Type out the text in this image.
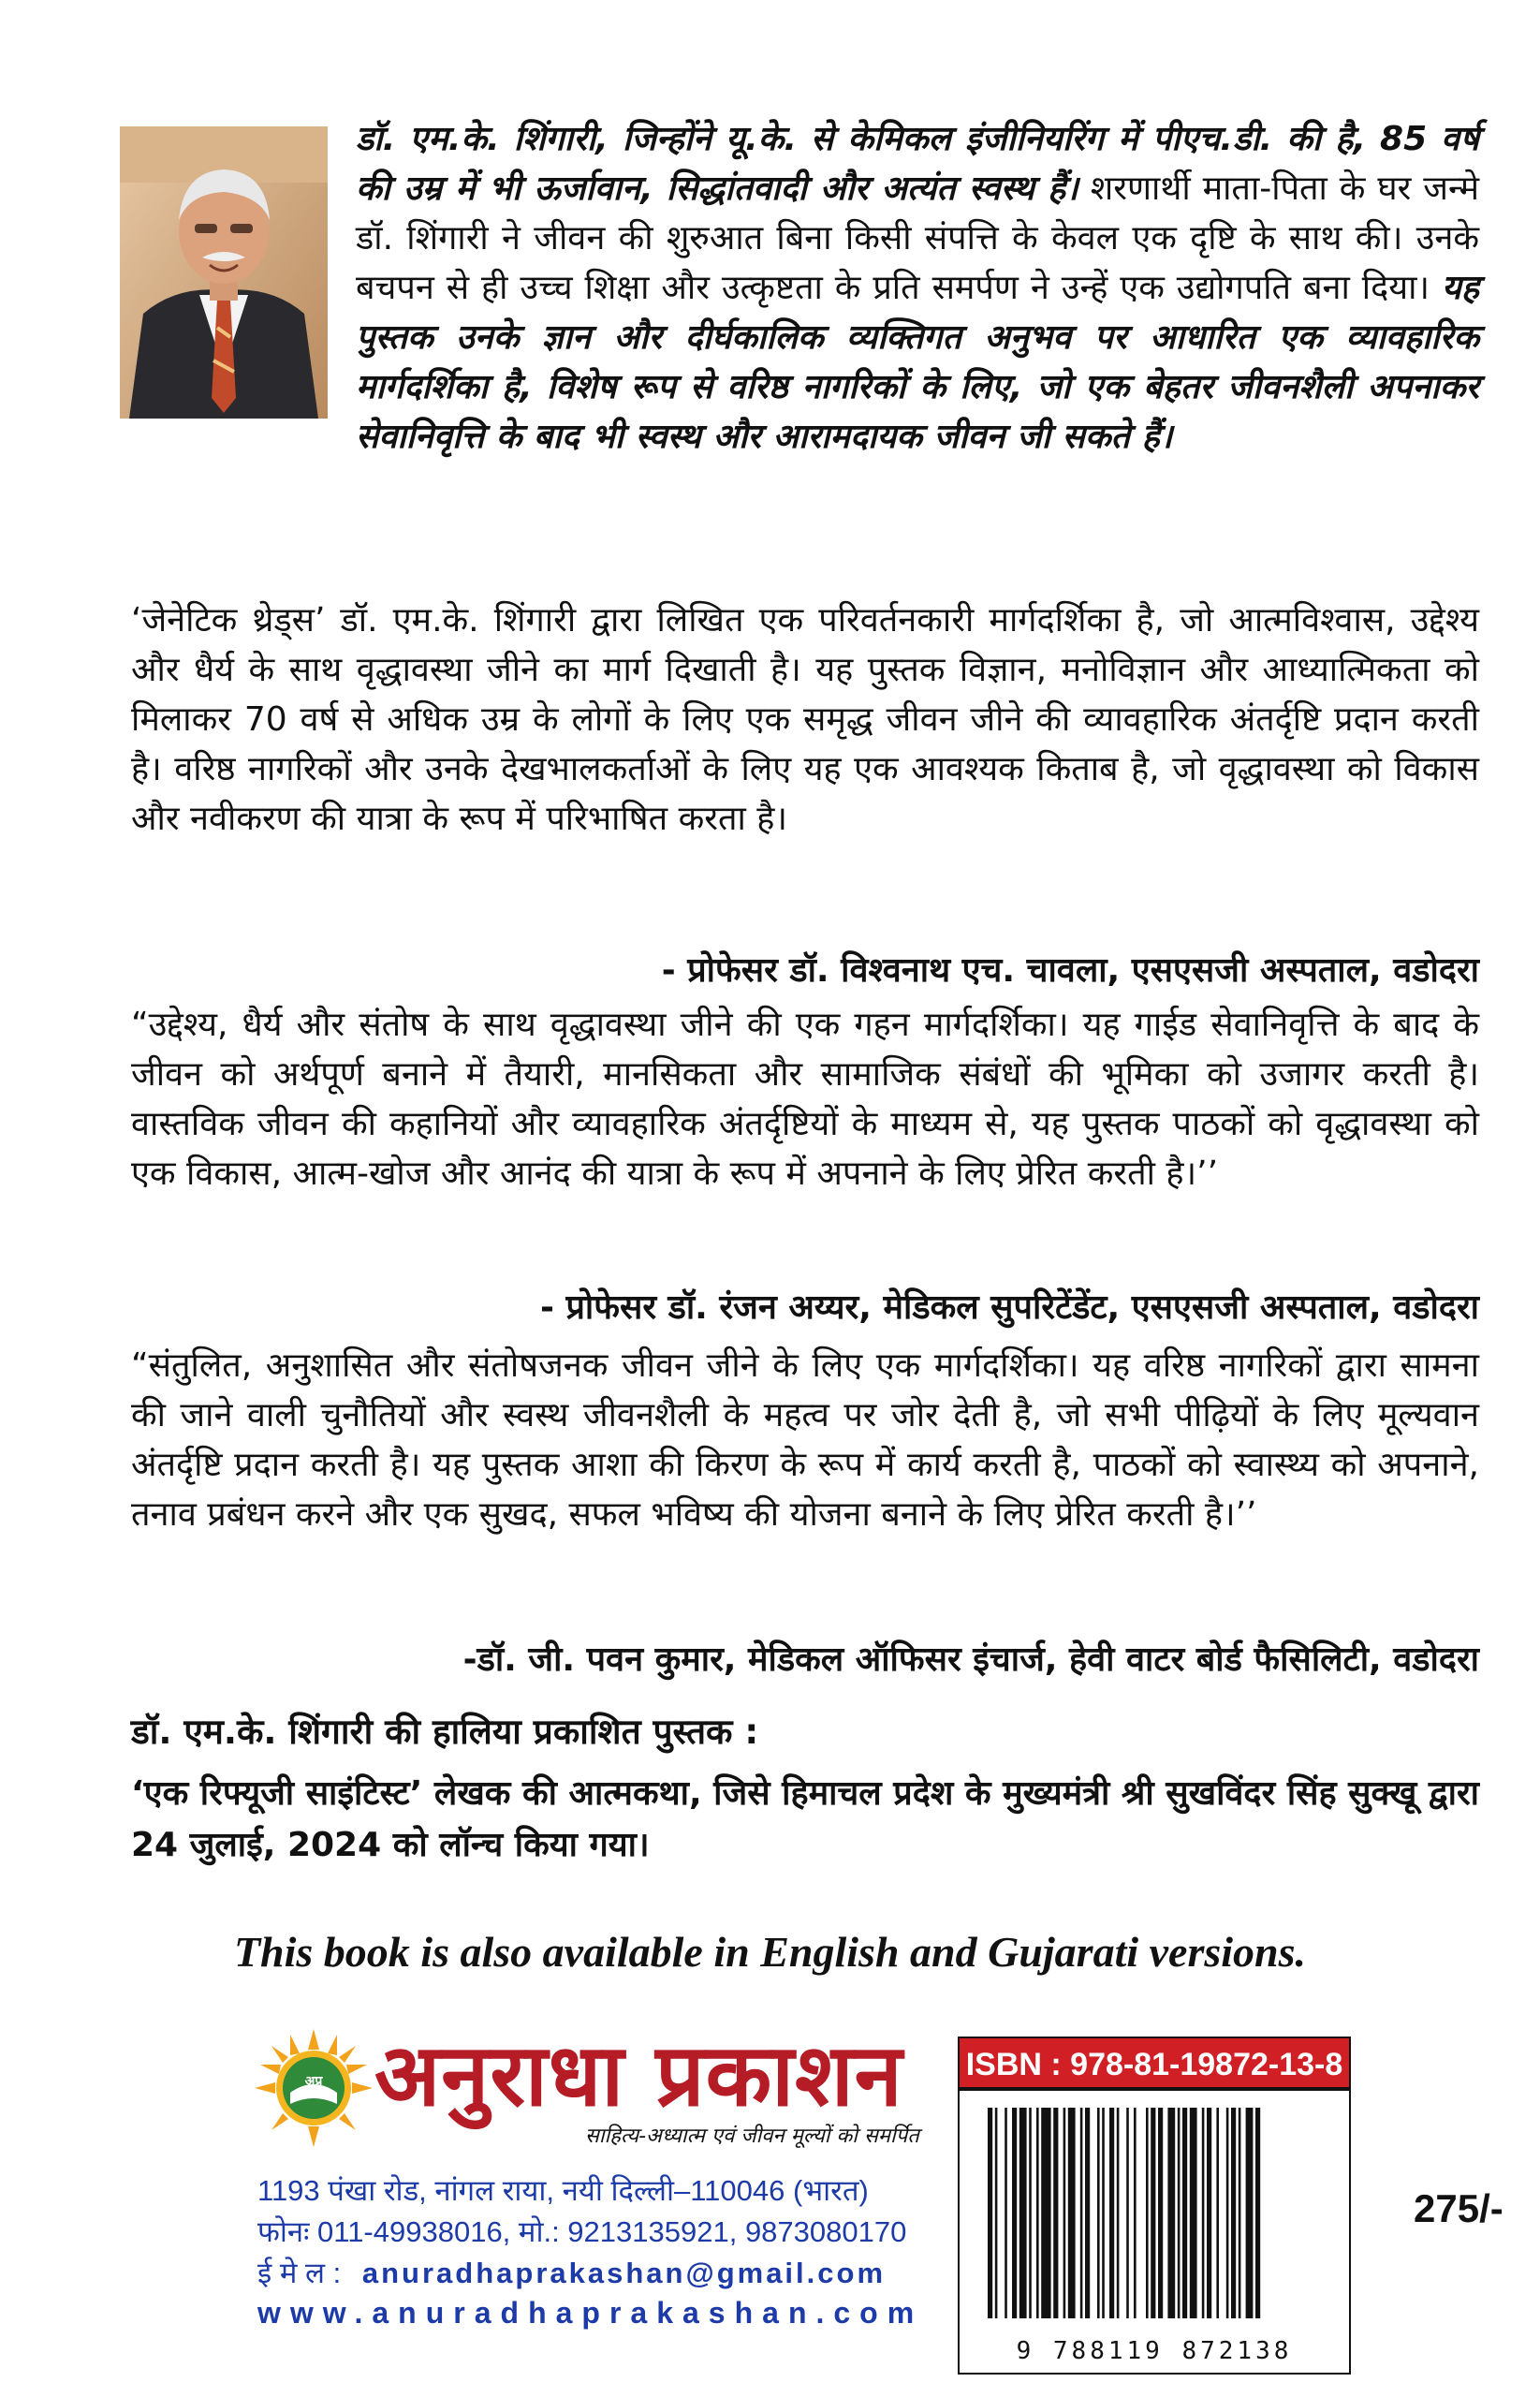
डॉ. एम.के. शिंगारी, जिन्होंने यू.के. से केमिकल इंजीनियरिंग में पीएच.डी. की है, 85 वर्ष की उम्र में भी ऊर्जावान, सिद्धांतवादी और अत्यंत स्वस्थ हैं। शरणार्थी माता-पिता के घर जन्मे डॉ. शिंगारी ने जीवन की शुरुआत बिना किसी संपत्ति के केवल एक दृष्टि के साथ की। उनके बचपन से ही उच्च शिक्षा और उत्कृष्टता के प्रति समर्पण ने उन्हें एक उद्योगपति बना दिया। यह पुस्तक उनके ज्ञान और दीर्घकालिक व्यक्तिगत अनुभव पर आधारित एक व्यावहारिक मार्गदर्शिका है, विशेष रूप से वरिष्ठ नागरिकों के लिए, जो एक बेहतर जीवनशैली अपनाकर सेवानिवृत्ति के बाद भी स्वस्थ और आरामदायक जीवन जी सकते हैं।

‘जेनेटिक थ्रेड्स’ डॉ. एम.के. शिंगारी द्वारा लिखित एक परिवर्तनकारी मार्गदर्शिका है, जो आत्मविश्वास, उद्देश्य और धैर्य के साथ वृद्धावस्था जीने का मार्ग दिखाती है। यह पुस्तक विज्ञान, मनोविज्ञान और आध्यात्मिकता को मिलाकर 70 वर्ष से अधिक उम्र के लोगों के लिए एक समृद्ध जीवन जीने की व्यावहारिक अंतर्दृष्टि प्रदान करती है। वरिष्ठ नागरिकों और उनके देखभालकर्ताओं के लिए यह एक आवश्यक किताब है, जो वृद्धावस्था को विकास और नवीकरण की यात्रा के रूप में परिभाषित करता है।

- प्रोफेसर डॉ. विश्वनाथ एच. चावला, एसएसजी अस्पताल, वडोदरा

“उद्देश्य, धैर्य और संतोष के साथ वृद्धावस्था जीने की एक गहन मार्गदर्शिका। यह गाईड सेवानिवृत्ति के बाद के जीवन को अर्थपूर्ण बनाने में तैयारी, मानसिकता और सामाजिक संबंधों की भूमिका को उजागर करती है। वास्तविक जीवन की कहानियों और व्यावहारिक अंतर्दृष्टियों के माध्यम से, यह पुस्तक पाठकों को वृद्धावस्था को एक विकास, आत्म-खोज और आनंद की यात्रा के रूप में अपनाने के लिए प्रेरित करती है।’’

- प्रोफेसर डॉ. रंजन अय्यर, मेडिकल सुपरिटेंडेंट, एसएसजी अस्पताल, वडोदरा

“संतुलित, अनुशासित और संतोषजनक जीवन जीने के लिए एक मार्गदर्शिका। यह वरिष्ठ नागरिकों द्वारा सामना की जाने वाली चुनौतियों और स्वस्थ जीवनशैली के महत्व पर जोर देती है, जो सभी पीढ़ियों के लिए मूल्यवान अंतर्दृष्टि प्रदान करती है। यह पुस्तक आशा की किरण के रूप में कार्य करती है, पाठकों को स्वास्थ्य को अपनाने, तनाव प्रबंधन करने और एक सुखद, सफल भविष्य की योजना बनाने के लिए प्रेरित करती है।’’

-डॉ. जी. पवन कुमार, मेडिकल ऑफिसर इंचार्ज, हेवी वाटर बोर्ड फैसिलिटी, वडोदरा

डॉ. एम.के. शिंगारी की हालिया प्रकाशित पुस्तक :
‘एक रिफ्यूजी साइंटिस्ट’ लेखक की आत्मकथा, जिसे हिमाचल प्रदेश के मुख्यमंत्री श्री सुखविंदर सिंह सुक्खू द्वारा 24 जुलाई, 2024 को लॉन्च किया गया।
This book is also available in English and Gujarati versions.
अप्र अनुराधा प्रकाशन
साहित्य-अध्यात्म एवं जीवन मूल्यों को समर्पित
1193 पंखा रोड, नांगल राया, नयी दिल्ली–110046 (भारत)
फोनः 011-49938016, मो.: 9213135921, 9873080170
ई मे ल : anuradhaprakashan@gmail.com
www.anuradhaprakashan.com
ISBN : 978-81-19872-13-8
9 788119 872138
275/-
